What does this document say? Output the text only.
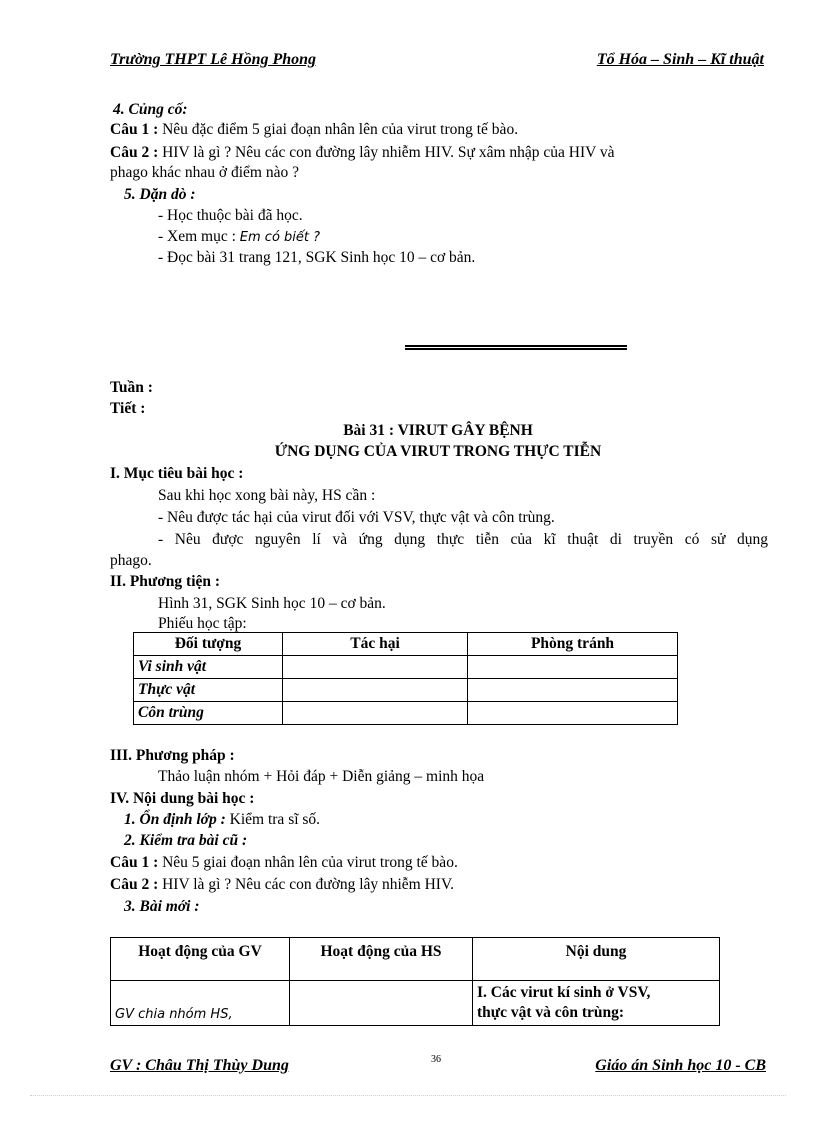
Trường THPT Lê Hồng Phong	Tổ Hóa – Sinh – Kĩ thuật
4. Củng cố:
Câu 1 : Nêu đặc điểm 5 giai đoạn nhân lên của virut trong tế bào.
Câu 2 : HIV là gì ? Nêu các con đường lây nhiễm HIV. Sự xâm nhập của HIV và
phago khác nhau ở điểm nào ?
5. Dặn dò :
- Học thuộc bài đã học.
- Xem mục : Em có biết ?
- Đọc bài 31 trang 121, SGK Sinh học 10 – cơ bản.
Tuần :
Tiết :
Bài 31 : VIRUT GÂY BỆNH
ỨNG DỤNG CỦA VIRUT TRONG THỰC TIỄN
I. Mục tiêu bài học :
Sau khi học xong bài này, HS cần :
- Nêu được tác hại của virut đối với VSV, thực vật và côn trùng.
- Nêu được nguyên lí và ứng dụng thực tiễn của kĩ thuật di truyền có sử dụng
phago.
II. Phương tiện :
Hình 31, SGK Sinh học 10 – cơ bản.
Phiếu học tập:
Đối tượng	Tác hại	Phòng tránh
Vi sinh vật		
Thực vật		
Côn trùng		
III. Phương pháp :
Thảo luận nhóm + Hỏi đáp + Diễn giảng – minh họa
IV. Nội dung bài học :
1. Ổn định lớp : Kiểm tra sĩ số.
2. Kiểm tra bài cũ :
Câu 1 : Nêu 5 giai đoạn nhân lên của virut trong tế bào.
Câu 2 : HIV là gì ? Nêu các con đường lây nhiễm HIV.
3. Bài mới :
Hoạt động của GV	Hoạt động của HS	Nội dung
GV chia nhóm HS,		I. Các virut kí sinh ở VSV,
thực vật và côn trùng:
GV : Châu Thị Thùy Dung	36	Giáo án Sinh học 10 - CB
